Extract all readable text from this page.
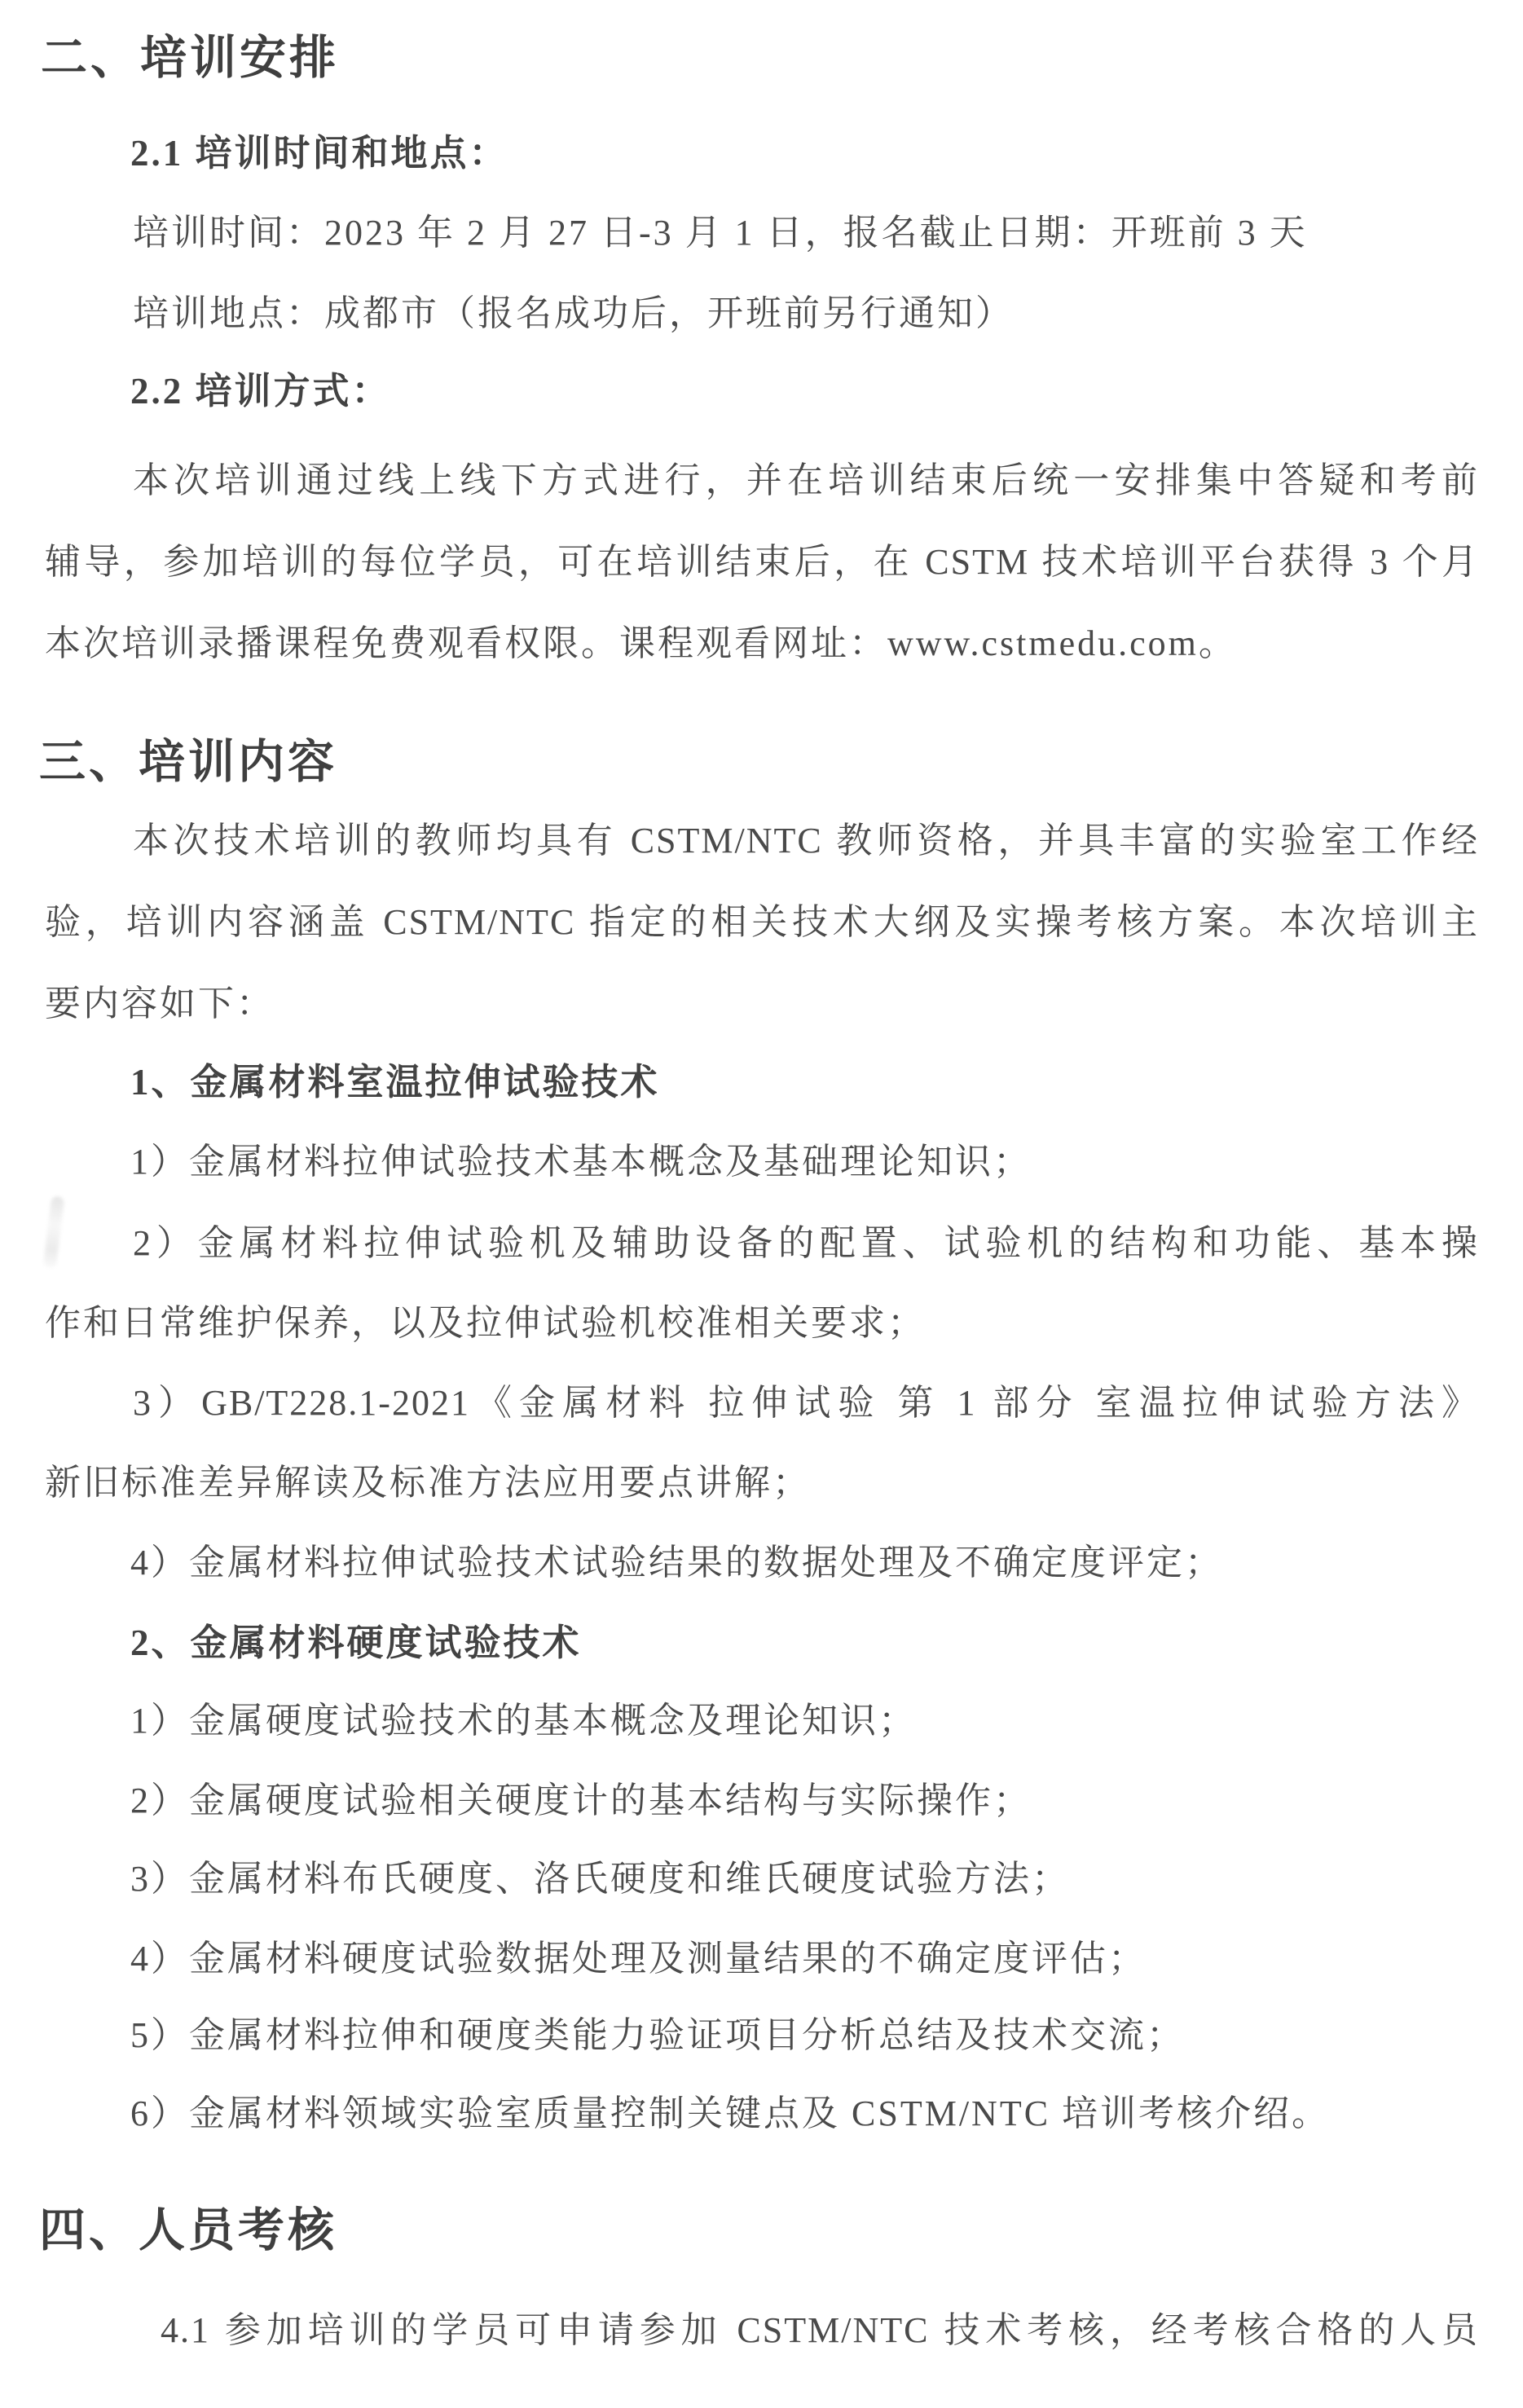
二、培训安排
2.1 培训时间和地点：
培训时间：2023 年 2 月 27 日-3 月 1 日，报名截止日期：开班前 3 天
培训地点：成都市（报名成功后，开班前另行通知）
2.2 培训方式：
本次培训通过线上线下方式进行，并在培训结束后统一安排集中答疑和考前
辅导，参加培训的每位学员，可在培训结束后，在 CSTM 技术培训平台获得 3 个月
本次培训录播课程免费观看权限。课程观看网址：www.cstmedu.com。
三、培训内容
本次技术培训的教师均具有 CSTM/NTC 教师资格，并具丰富的实验室工作经
验，培训内容涵盖 CSTM/NTC 指定的相关技术大纲及实操考核方案。本次培训主
要内容如下：
1、金属材料室温拉伸试验技术
1）金属材料拉伸试验技术基本概念及基础理论知识；
2）金属材料拉伸试验机及辅助设备的配置、试验机的结构和功能、基本操
作和日常维护保养，以及拉伸试验机校准相关要求；
3）GB/T228.1-2021《金属材料 拉伸试验 第 1 部分 室温拉伸试验方法》
新旧标准差异解读及标准方法应用要点讲解；
4）金属材料拉伸试验技术试验结果的数据处理及不确定度评定；
2、金属材料硬度试验技术
1）金属硬度试验技术的基本概念及理论知识；
2）金属硬度试验相关硬度计的基本结构与实际操作；
3）金属材料布氏硬度、洛氏硬度和维氏硬度试验方法；
4）金属材料硬度试验数据处理及测量结果的不确定度评估；
5）金属材料拉伸和硬度类能力验证项目分析总结及技术交流；
6）金属材料领域实验室质量控制关键点及 CSTM/NTC 培训考核介绍。
四、人员考核
4.1 参加培训的学员可申请参加 CSTM/NTC 技术考核，经考核合格的人员
